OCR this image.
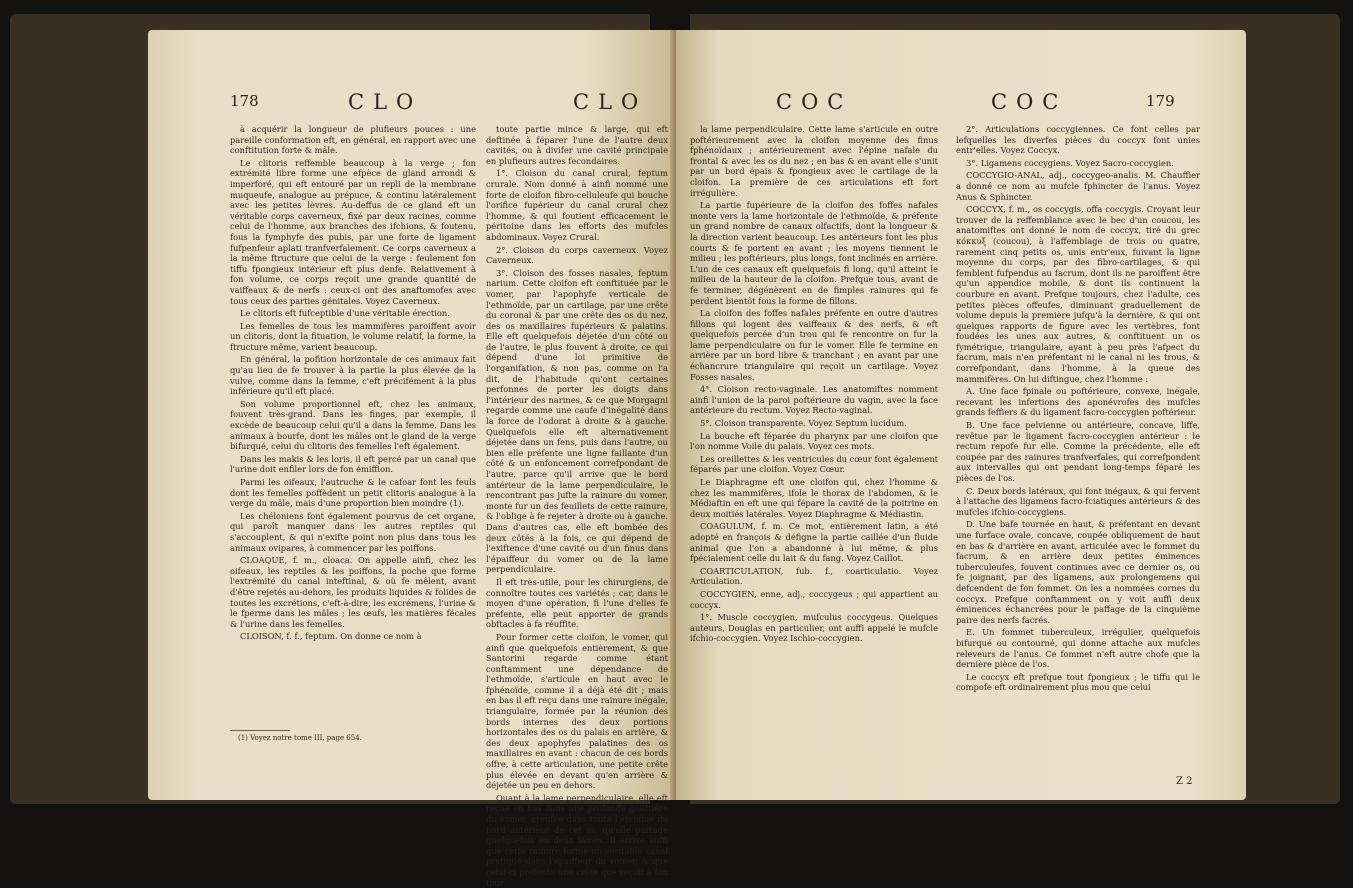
178	CLO	CLO

à acquérir la longueur de plufieurs pouces : une pareille conformation eft, en général, en rapport avec une conftitution forte & mâle.

Le clitoris reffemble beaucoup à la verge ; fon extrémité libre forme une efpèce de gland arrondi & imperforé, qui eft entouré par un repli de la membrane muqueufe, analogue au prépuce, & continu latéralement avec les petites lèvres. Au-deffus de ce gland eft un véritable corps caverneux, fixé par deux racines, comme celui de l'homme, aux branches des ifchions, & foutenu, fous la fymphyfe des pubis, par une forte de ligament fufpenfeur aplati tranfverfalement. Ce corps caverneux a la même ftructure que celui de la verge : feulement fon tiffu fpongieux intérieur eft plus denfe. Relativement à fon volume, ce corps reçoit une grande quantité de vaiffeaux & de nerfs : ceux-ci ont des anaftomofes avec tous ceux des parties génitales. Voyez Caverneux.

Le clitoris eft fufceptible d'une véritable érection.

Les femelles de tous les mammifères paroiffent avoir un clitoris, dont la fituation, le volume relatif, la forme, la ftructure même, varient beaucoup.

En général, la pofition horizontale de ces animaux fait qu'au lieu de fe trouver à la partie la plus élevée de la vulve, comme dans la femme, c'eft précifément à la plus inférieure qu'il eft placé.

Son volume proportionnel eft, chez les animaux, fouvent très-grand. Dans les finges, par exemple, il excède de beaucoup celui qu'il a dans la femme. Dans les animaux à bourfe, dont les mâles ont le gland de la verge bifurqué, celui du clitoris des femelles l'eft également.

Dans les makis & les loris, il eft percé par un canal que l'urine doit enfiler lors de fon émiffion.

Parmi les oifeaux, l'autruche & le cafoar font les feuls dont les femelles poffèdent un petit clitoris analogue à la verge du mâle, mais d'une proportion bien moindre (1).

Les chéloniens font également pourvus de cet organe, qui paroît manquer dans les autres reptiles qui s'accouplent, & qui n'exifte point non plus dans tous les animaux ovipares, à commencer par les poiffons.

CLOAQUE, f. m., cloaca. On appelle ainfi, chez les oifeaux, les reptiles & les poiffons, la poche que forme l'extrémité du canal inteftinal, & où fe mêlent, avant d'être rejetés au-dehors, les produits liquides & folides de toutes les excrétions, c'eft-à-dire, les excrémens, l'urine & le fperme dans les mâles ; les œufs, les matières fécales & l'urine dans les femelles.

CLOISON, f. f., feptum. On donne ce nom à

(1) Voyez notre tome III, page 654.

toute partie mince & large, qui eft deftinée à féparer l'une de l'autre deux cavités, ou à divifer une cavité principale en plufieurs autres fecondaires.

1°. Cloison du canal crural, feptum crurale. Nom donné à ainfi nommé une forte de cloifon fibro-celluleufe qui bouche l'orifice fupérieur du canal crural chez l'homme, & qui foutient efficacement le péritoine dans les efforts des mufcles abdominaux. Voyez Crural.

2°. Cloison du corps caverneux. Voyez Caverneux.

3°. Cloison des fosses nasales, feptum narium. Cette cloifon eft conftituée par le vomer, par l'apophyfe verticale de l'ethmoïde, par un cartilage, par une crête du coronal & par une crête des os du nez, des os maxillaires fupérieurs & palatins. Elle eft quelquefois déjetée d'un côté ou de l'autre, le plus fouvent à droite, ce qui dépend d'une loi primitive de l'organifation, & non pas, comme on l'a dit, de l'habitude qu'ont certaines perfonnes de porter les doigts dans l'intérieur des narines, & ce que Morgagni regarde comme une caufe d'inégalité dans la force de l'odorat à droite & à gauche. Quelquefois elle eft alternativement déjetée dans un fens, puis dans l'autre, ou bien elle préfente une ligne faillante d'un côté & un enfoncement correfpondant de l'autre, parce qu'il arrive que le bord antérieur de la lame perpendiculaire, le rencontrant pas jufte la rainure du vomer, monte fur un des feuillets de cette rainure, & l'oblige à fe rejeter à droite ou à gauche. Dans d'autres cas, elle eft bombée des deux côtés à la fois, ce qui dépend de l'exiftence d'une cavité ou d'un finus dans l'épaiffeur du vomer ou de la lame perpendiculaire.

Il eft très-utile, pour les chirurgiens, de connoître toutes ces variétés ; car, dans le moyen d'une opération, fi l'une d'elles fe préfente, elle peut apporter de grands obftacles à fa réuffite.

Pour former cette cloifon, le vomer, qui ainfi que quelquefois entièrement, & que Santorini regarde comme étant conftamment une dépendance de l'ethmoïde, s'articule en haut avec le fphénoïde, comme il a déjà été dit ; mais en bas il eft reçu dans une rainure inégale, triangulaire, formée par la réunion des bords internes des deux portions horizontales des os du palais en arrière, & des deux apophyfes palatines des os maxillaires en avant : chacun de ces bords offre, à cette articulation, une petite crête plus élevée en devant qu'en arrière & déjetée un peu en dehors.

Quant à la lame perpendiculaire, elle eft reçue en bas dans une profonde gouttière du vomer, creufée dans toute l'étendue du bord antérieur de cet os, qu'elle partage quelquefois en deux lames. Il arrive auffi que cette rainure forme un véritable canal pratiqué dans l'épaiffeur du vomer, & que celui-ci préfente une crête que reçoit à fon tour

COC	COC	179

la lame perpendiculaire. Cette lame s'articule en outre poftérieurement avec la cloifon moyenne des finus fphénoïdaux ; antérieurement avec l'épine nafale du frontal & avec les os du nez ; en bas & en avant elle s'unit par un bord épais & fpongieux avec le cartilage de la cloifon. La première de ces articulations eft fort irrégulière.

La partie fupérieure de la cloifon des foffes nafales monte vers la lame horizontale de l'ethmoïde, & préfente un grand nombre de canaux olfactifs, dont la longueur & la direction varient beaucoup. Les antérieurs font les plus courts & fe portent en avant ; les moyens tiennent le milieu ; les poftérieurs, plus longs, font inclinés en arrière. L'un de ces canaux eft quelquefois fi long, qu'il atteint le milieu de la hauteur de la cloifon. Prefque tous, avant de fe terminer, dégénèrent en de fimples rainures qui fe perdent bientôt fous la forme de fillons.

La cloifon des foffes nafales préfente en outre d'autres fillons qui logent des vaiffeaux & des nerfs, & eft quelquefois percée d'un trou qui fe rencontre on fur la lame perpendiculaire ou fur le vomer. Elle fe termine en arrière par un bord libre & tranchant ; en avant par une échancrure triangulaire qui reçoit un cartilage. Voyez Fosses nasales.

4°. Cloison recto-vaginale. Les anatomiftes nomment ainfi l'union de la paroi poftérieure du vagin, avec la face antérieure du rectum. Voyez Recto-vaginal.

5°. Cloison transparente. Voyez Septum lucidum.

La bouche eft féparée du pharynx par une cloifon que l'on nomme Voile du palais. Voyez ces mots.

Les oreillettes & les ventricules du cœur font également féparés par une cloifon. Voyez Cœur.

Le Diaphragme eft une cloifon qui, chez l'homme & chez les mammifères, ifole le thorax de l'abdomen, & le Médiaftin en eft une qui fépare la cavité de la poitrine en deux moitiés latérales. Voyez Diaphragme & Médiastin.

COAGULUM, f. m. Ce mot, entièrement latin, a été adopté en françois & défigne la partie caillée d'un fluide animal que l'on a abandonné à lui même, & plus fpécialement celle du lait & du fang. Voyez Caillot.

COARTICULATION, fub. f., coarticulatio. Voyez Articulation.

COCCYGIEN, enne, adj., coccygeus ; qui appartient au coccyx.

1°. Muscle coccygien, mufculus coccygeus. Quelques auteurs, Douglas en particulier, ont auffi appelé le mufcle ifchio-coccygien. Voyez Ischio-coccygien.

2°. Articulations coccygiennes. Ce font celles par lefquelles les diverfes pièces du coccyx font unies entr'elles. Voyez Coccyx.

3°. Ligamens coccygiens. Voyez Sacro-coccygien.

COCCYGIO-ANAL, adj., coccygeo-analis. M. Chauffier a donné ce nom au mufcle fphincter de l'anus. Voyez Anus & Sphincter.

COCCYX, f. m., os coccygis, offa coccygis. Croyant leur trouver de la reffemblance avec le bec d'un coucou, les anatomiftes ont donné le nom de coccyx, tiré du grec κόκκυξ (coucou), à l'affemblage de trois ou quatre, rarement cinq petits os, unis entr'eux, fuivant la ligne moyenne du corps, par des fibro-cartilages, & qui femblent fufpendus au facrum, dont ils ne paroiffent être qu'un appendice mobile, & dont ils continuent la courbure en avant. Prefque toujours, chez l'adulte, ces petites pièces offeufes, diminuant graduellement de volume depuis la première jufqu'à la dernière, & qui ont quelques rapports de figure avec les vertèbres, font foudées les unes aux autres, & conftituent un os fymétrique, triangulaire, ayant à peu près l'afpect du facrum, mais n'en préfentant ni le canal ni les trous, & correfpondant, dans l'homme, à la queue des mammifères. On lui diftingue, chez l'homme :

A. Une face fpinale ou poftérieure, convexe, inégale, recevant les infertions des aponévrofes des mufcles grands feffiers & du ligament facro-coccygien poftérieur.

B. Une face pelvienne ou antérieure, concave, liffe, revêtue par le ligament facro-coccygien antérieur : le rectum repofe fur elle. Comme la précédente, elle eft coupée par des rainures tranfverfales, qui correfpondent aux intervalles qui ont pendant long-temps féparé les pièces de l'os.

C. Deux bords latéraux, qui font inégaux, & qui fervent à l'attache des ligamens facro-fciatiques antérieurs & des mufcles ifchio-coccygiens.

D. Une bafe tournée en haut, & préfentant en devant une furface ovale, concave, coupée obliquement de haut en bas & d'arrière en avant, articulée avec le fommet du facrum, & en arrière deux petites éminences tuberculeufes, fouvent continues avec ce dernier os, ou fe joignant, par des ligamens, aux prolongemens qui defcendent de fon fommet. On les a nommées cornes du coccyx. Prefque conftamment on y voit auffi deux éminences échancrées pour le paffage de la cinquième paire des nerfs facrés.

E. Un fommet tuberculeux, irrégulier, quelquefois bifurqué ou contourné, qui donne attache aux mufcles releveurs de l'anus. Ce fommet n'eft autre chofe que la dernière pièce de l'os.

Le coccyx eft prefque tout fpongieux ; le tiffu qui le compofe eft ordinairement plus mou que celui

Z 2
